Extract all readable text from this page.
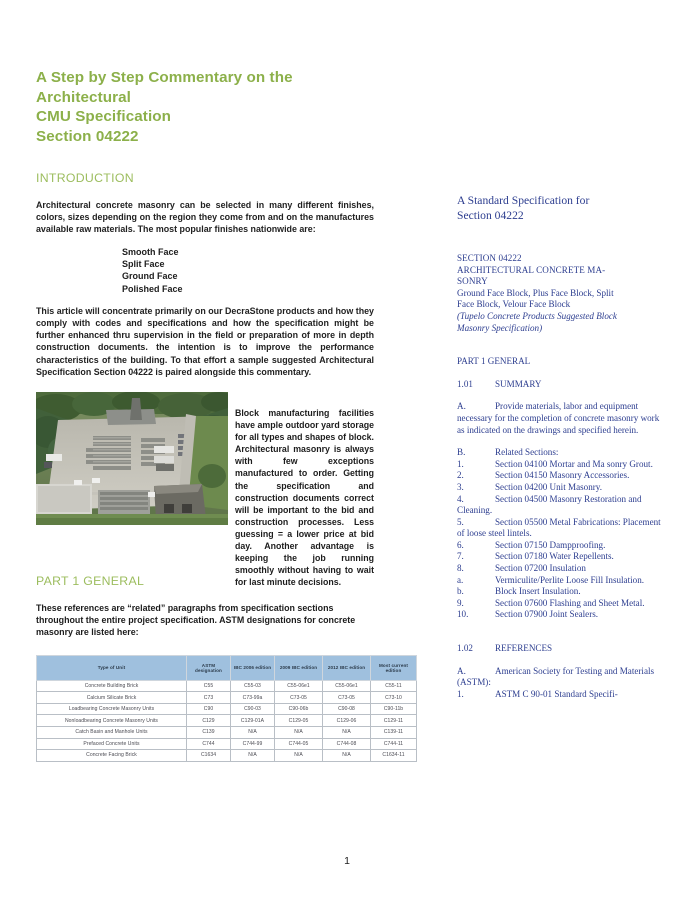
A Step by Step Commentary on the Architectural
CMU Specification
Section 04222
INTRODUCTION

Architectural concrete masonry can be selected in many different finishes, colors, sizes depending on the region they come from and on the manufactures available raw materials. The most popular finishes nationwide are:

Smooth Face
Split Face
Ground Face
Polished Face

This article will concentrate primarily on our DecraStone products and how they comply with codes and specifications and how the specification might be further enhanced thru supervision in the field or preparation of more in depth construction documents. the intention is to improve the performance characteristics of the building. To that effort a sample suggested Architectural Specification Section 04222 is paired alongside this commentary.

Block manufacturing facilities have ample outdoor yard storage for all types and shapes of block. Architectural masonry is always with few exceptions manufactured to order. Getting the specification and construction documents correct will be important to the bid and construction processes. Less guessing = a lower price at bid day. Another advantage is keeping the job running smoothly without having to wait for last minute decisions.
PART 1 GENERAL

These references are “related” paragraphs from specification sections throughout the entire project specification. ASTM designations for concrete masonry are listed here:

Type of Unit	ASTM designation	IBC 2006 edition	2009 IBC edition	2012 IBC edition	Most current edition
Concrete Building Brick	C55	C55-03	C55-06e1	C55-06e1	C55-11
Calcium Silicate Brick	C73	C73-99a	C73-05	C73-05	C73-10
Loadbearing Concrete Masonry Units	C90	C90-03	C90-06b	C90-08	C90-11b
Nonloadbearing Concrete Masonry Units	C129	C129-01A	C129-05	C129-06	C129-11
Catch Basin and Manhole Units	C139	N/A	N/A	N/A	C139-11
Prefaced Concrete Units	C744	C744-99	C744-05	C744-08	C744-11
Concrete Facing Brick	C1634	N/A	N/A	N/A	C1634-11
A Standard Specification for
Section 04222
SECTION 04222
ARCHITECTURAL CONCRETE MA-
SONRY
Ground Face Block, Plus Face Block, Split
Face Block, Velour Face Block
(Tupelo Concrete Products Suggested Block
Masonry Specification)
PART 1 GENERAL
1.01 SUMMARY
A.	Provide materials, labor and equipment necessary for the completion of concrete masonry work as indicated on the drawings and specified herein.
B.	Related Sections:
1.	Section 04100 Mortar and Ma sonry Grout.
2.	Section 04150 Masonry Accessories.
3.	Section 04200 Unit Masonry.
4.	Section 04500 Masonry Restoration and Cleaning.
5.	Section 05500 Metal Fabrications: Placement of loose steel lintels.
6.	Section 07150 Dampproofing.
7.	Section 07180 Water Repellents.
8.	Section 07200 Insulation
a.	Vermiculite/Perlite Loose Fill Insulation.
b.	Block Insert Insulation.
9.	Section 07600 Flashing and Sheet Metal.
10.	Section 07900 Joint Sealers.
1.02 REFERENCES
A.	American Society for Testing and Materials (ASTM):
1.	ASTM C 90-01 Standard Specifi-
1
